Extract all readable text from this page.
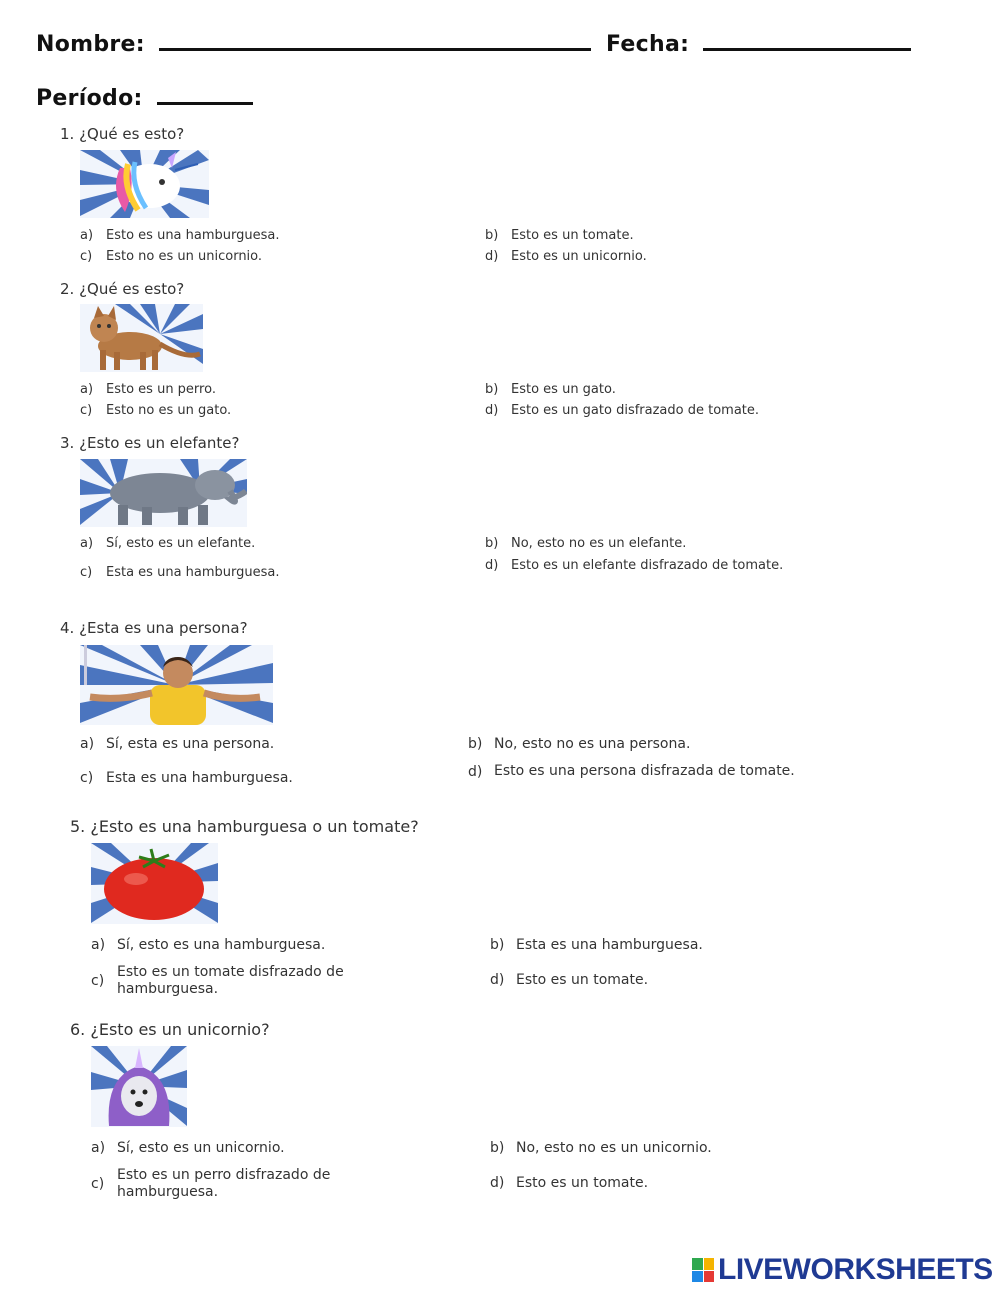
Nombre:	Fecha:
Período:
1. ¿Qué es esto?
a) Esto es una hamburguesa.	b) Esto es un tomate.
c) Esto no es un unicornio.	d) Esto es un unicornio.
2. ¿Qué es esto?
a) Esto es un perro.	b) Esto es un gato.
c) Esto no es un gato.	d) Esto es un gato disfrazado de tomate.
3. ¿Esto es un elefante?
a) Sí, esto es un elefante.	b) No, esto no es un elefante.
c) Esta es una hamburguesa.	d) Esto es un elefante disfrazado de tomate.
4. ¿Esta es una persona?
a) Sí, esta es una persona.	b) No, esto no es una persona.
c) Esta es una hamburguesa.	d) Esto es una persona disfrazada de tomate.
5. ¿Esto es una hamburguesa o un tomate?
a) Sí, esto es una hamburguesa.	b) Esta es una hamburguesa.
c)Esto es un tomate disfrazado de hamburguesa.
d) Esto es un tomate.
6. ¿Esto es un unicornio?
a) Sí, esto es un unicornio.	b) No, esto no es un unicornio.
c)Esto es un perro disfrazado de hamburguesa.
d) Esto es un tomate.
LIVEWORKSHEETS
